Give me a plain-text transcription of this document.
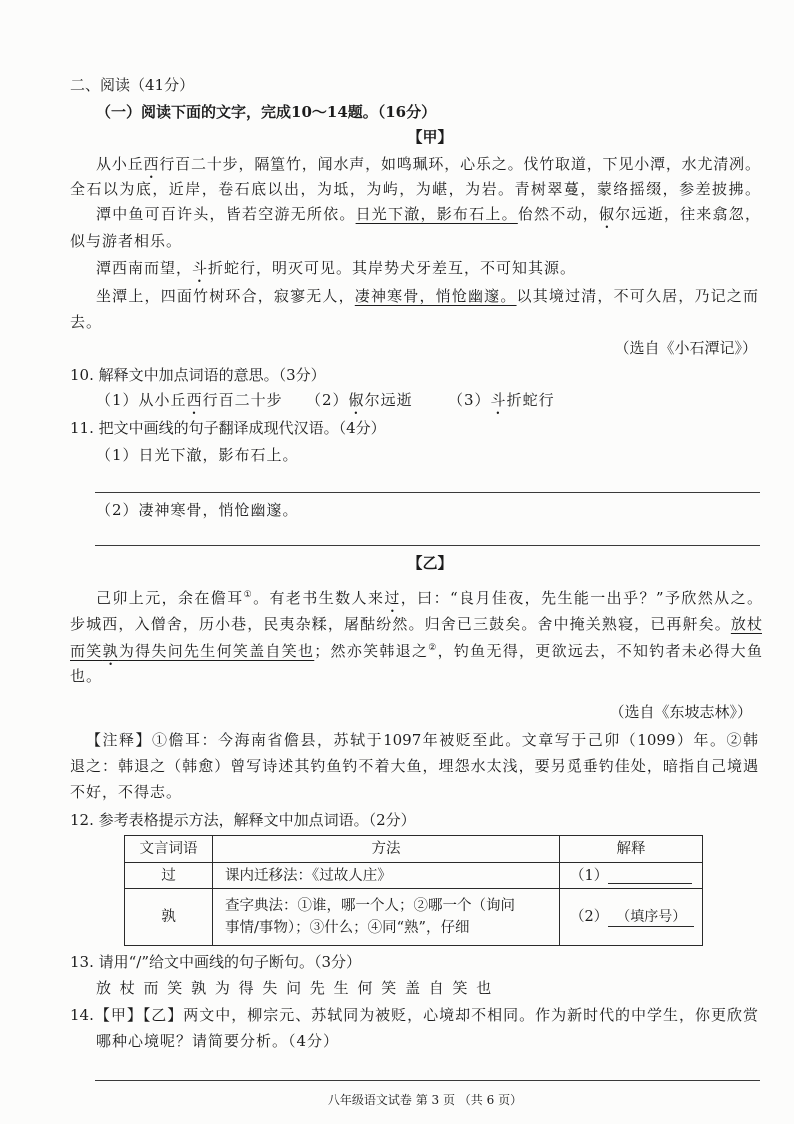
二、阅读（41分）
（一）阅读下面的文字，完成10～14题。（16分）
【甲】
从小丘西行百二十步，隔篁竹，闻水声，如鸣珮环，心乐之。伐竹取道，下见小潭，水尤清冽。
全石以为底，近岸，卷石底以出，为坻，为屿，为嵁，为岩。青树翠蔓，蒙络摇缀，参差披拂。
潭中鱼可百许头，皆若空游无所依。日光下澈，影布石上。佁然不动，俶尔远逝，往来翕忽，
似与游者相乐。
潭西南而望，斗折蛇行，明灭可见。其岸势犬牙差互，不可知其源。
坐潭上，四面竹树环合，寂寥无人，凄神寒骨，悄怆幽邃。以其境过清，不可久居，乃记之而
去。
（选自《小石潭记》）
10. 解释文中加点词语的意思。（3分）
（1）从小丘西行百二十步 （2）俶尔远逝 （3）斗折蛇行
11. 把文中画线的句子翻译成现代汉语。（4分）
（1）日光下澈，影布石上。
（2）凄神寒骨，悄怆幽邃。
【乙】
己卯上元，余在儋耳①。有老书生数人来过，曰：“良月佳夜，先生能一出乎？”予欣然从之。
步城西，入僧舍，历小巷，民夷杂糅，屠酤纷然。归舍已三鼓矣。舍中掩关熟寝，已再鼾矣。放杖
而笑孰为得失问先生何笑盖自笑也；然亦笑韩退之②，钓鱼无得，更欲远去，不知钓者未必得大鱼
也。
（选自《东坡志林》）
【注释】①儋耳：今海南省儋县，苏轼于1097年被贬至此。文章写于己卯（1099）年。②韩
退之：韩退之（韩愈）曾写诗述其钓鱼钓不着大鱼，埋怨水太浅，要另觅垂钓佳处，暗指自己境遇
不好，不得志。
12. 参考表格提示方法，解释文中加点词语。（2分）
文言词语	方法	解释
过	课内迁移法：《过故人庄》	（1）
孰	查字典法：①谁，哪一个人；②哪一个（询问
事情/事物）；③什么；④同“熟”，仔细	（2） （填序号）
13. 请用“/”给文中画线的句子断句。（3分）
放 杖 而 笑 孰 为 得 失 问 先 生 何 笑 盖 自 笑 也
14.【甲】【乙】两文中，柳宗元、苏轼同为被贬，心境却不相同。作为新时代的中学生，你更欣赏
哪种心境呢？请简要分析。（4分）
八年级语文试卷 第 3 页 （共 6 页）
